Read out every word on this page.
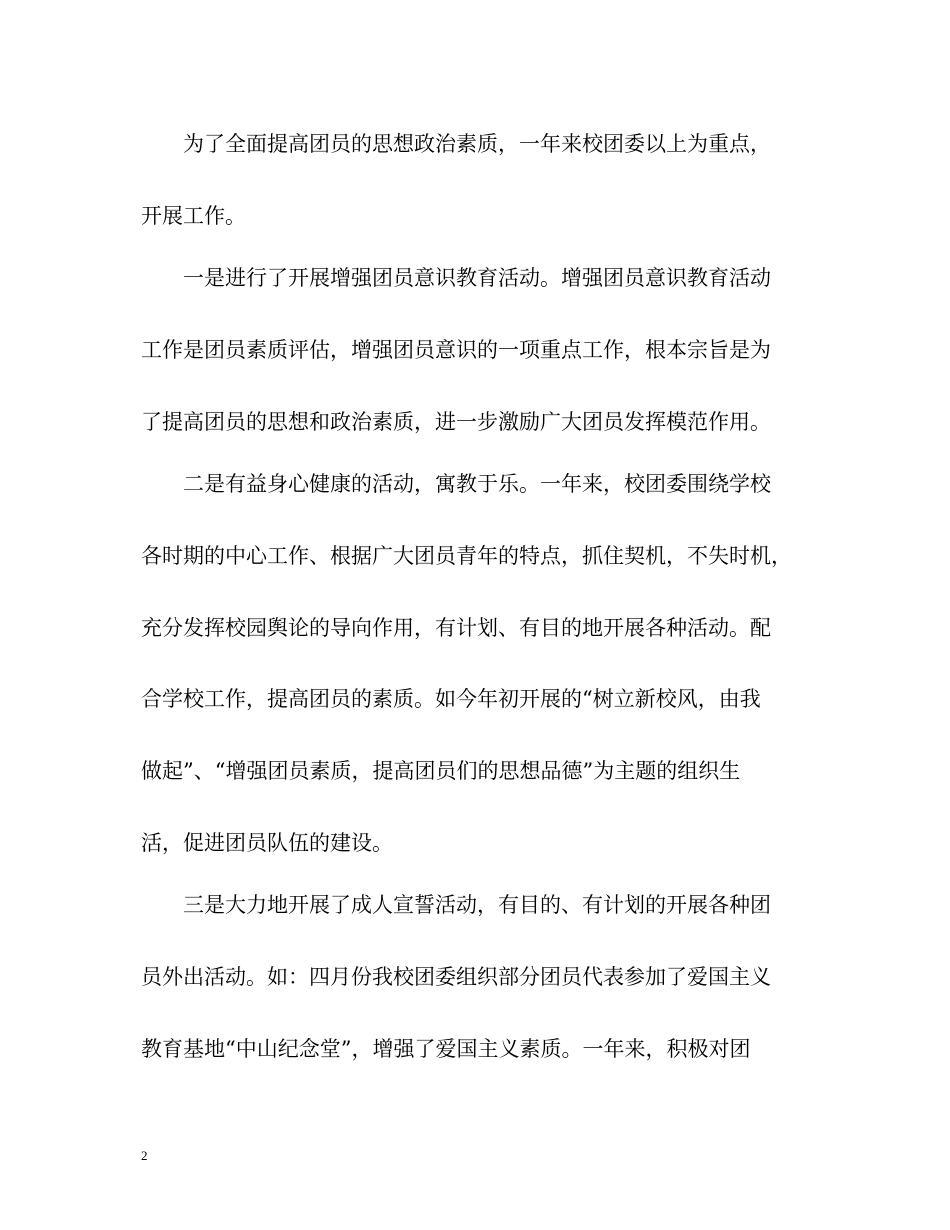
为了全面提高团员的思想政治素质，一年来校团委以上为重点，

开展工作。

一是进行了开展增强团员意识教育活动。增强团员意识教育活动

工作是团员素质评估，增强团员意识的一项重点工作，根本宗旨是为

了提高团员的思想和政治素质，进一步激励广大团员发挥模范作用。

二是有益身心健康的活动，寓教于乐。一年来，校团委围绕学校

各时期的中心工作、根据广大团员青年的特点，抓住契机，不失时机，

充分发挥校园舆论的导向作用，有计划、有目的地开展各种活动。配

合学校工作，提高团员的素质。如今年初开展的“树立新校风，由我

做起”、“增强团员素质，提高团员们的思想品德”为主题的组织生

活，促进团员队伍的建设。

三是大力地开展了成人宣誓活动，有目的、有计划的开展各种团

员外出活动。如：四月份我校团委组织部分团员代表参加了爱国主义

教育基地“中山纪念堂”，增强了爱国主义素质。一年来，积极对团

2
